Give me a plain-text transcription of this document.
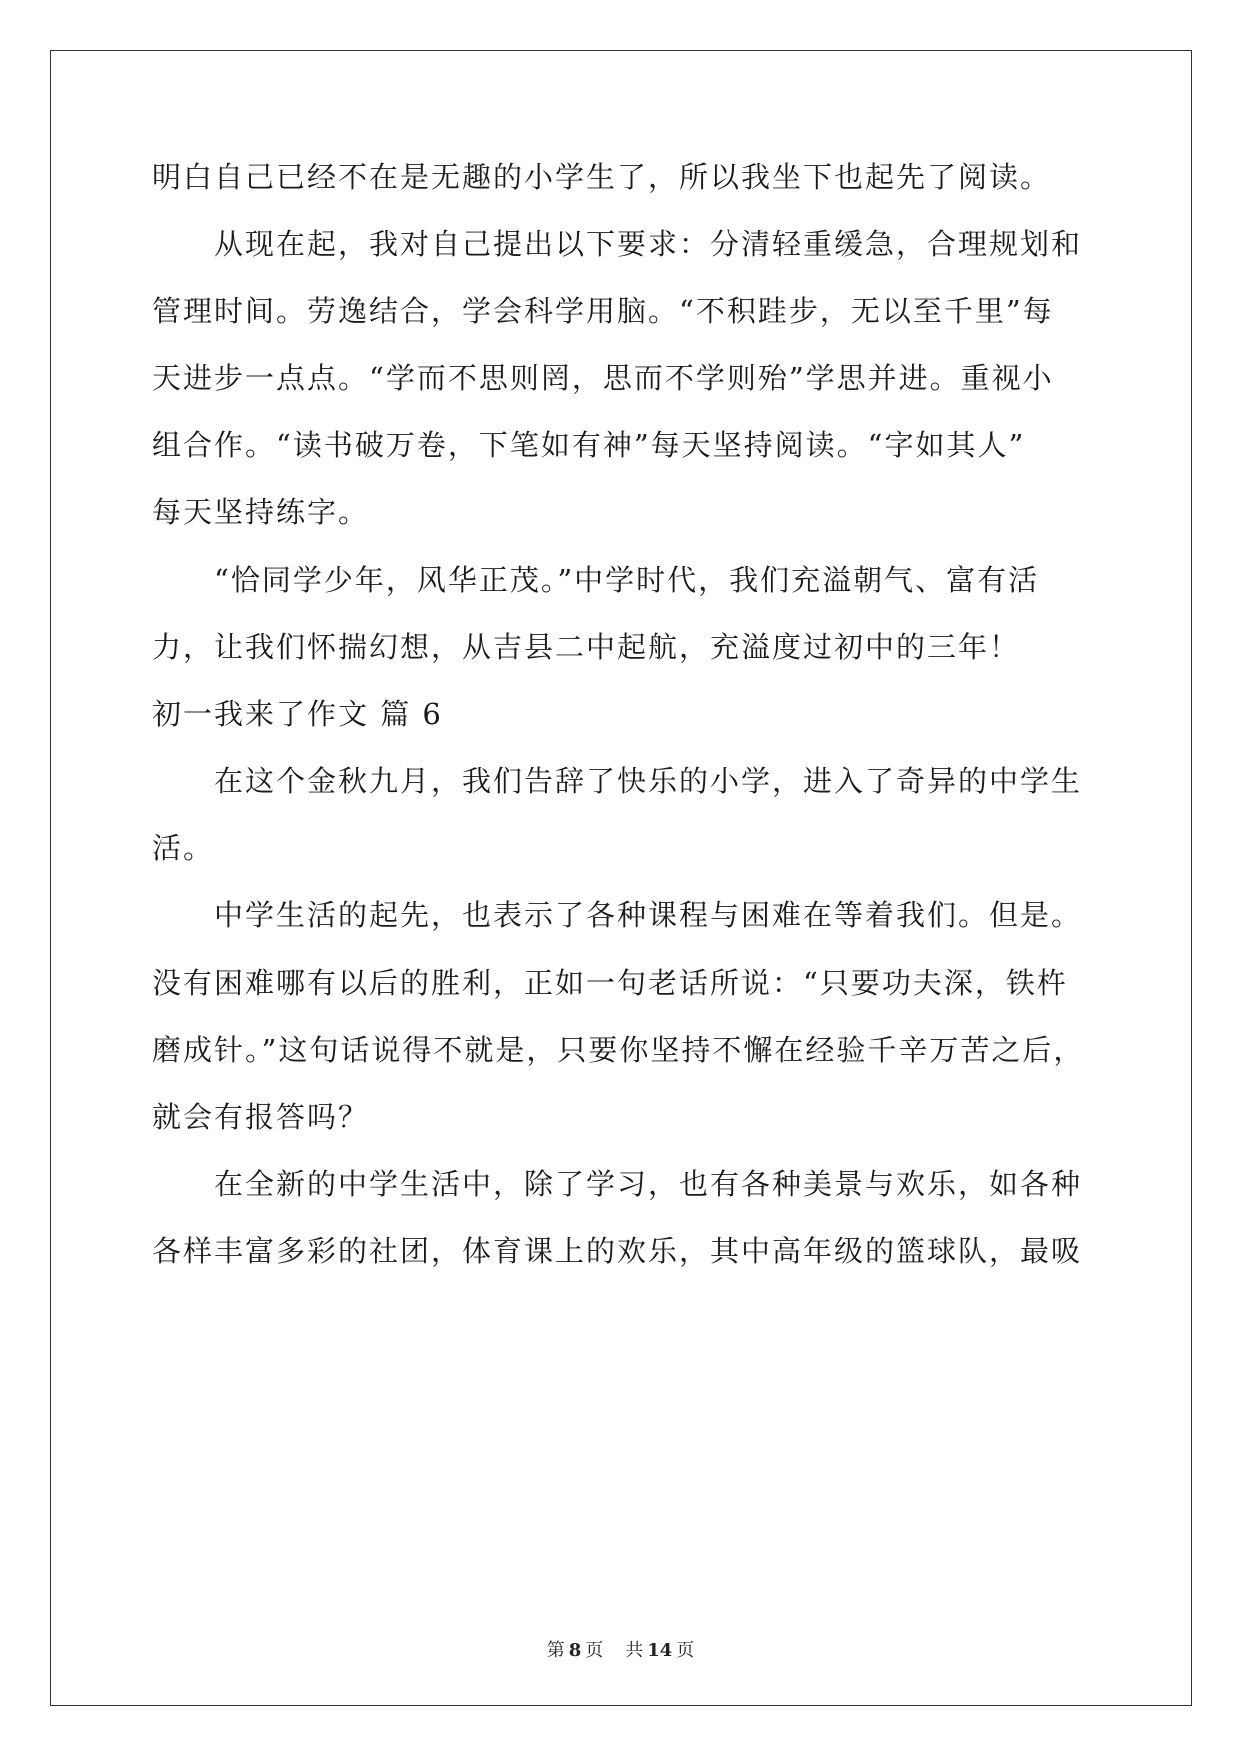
明白自己已经不在是无趣的小学生了，所以我坐下也起先了阅读。
从现在起，我对自己提出以下要求：分清轻重缓急，合理规划和
管理时间。劳逸结合，学会科学用脑。“不积跬步，无以至千里”每
天进步一点点。“学而不思则罔，思而不学则殆”学思并进。重视小
组合作。“读书破万卷，下笔如有神”每天坚持阅读。“字如其人”
每天坚持练字。
“恰同学少年，风华正茂。”中学时代，我们充溢朝气、富有活
力，让我们怀揣幻想，从吉县二中起航，充溢度过初中的三年！
初一我来了作文 篇 6
在这个金秋九月，我们告辞了快乐的小学，进入了奇异的中学生
活。
中学生活的起先，也表示了各种课程与困难在等着我们。但是。
没有困难哪有以后的胜利，正如一句老话所说：“只要功夫深，铁杵
磨成针。”这句话说得不就是，只要你坚持不懈在经验千辛万苦之后，
就会有报答吗？
在全新的中学生活中，除了学习，也有各种美景与欢乐，如各种
各样丰富多彩的社团，体育课上的欢乐，其中高年级的篮球队，最吸
第 8 页 共 14 页
